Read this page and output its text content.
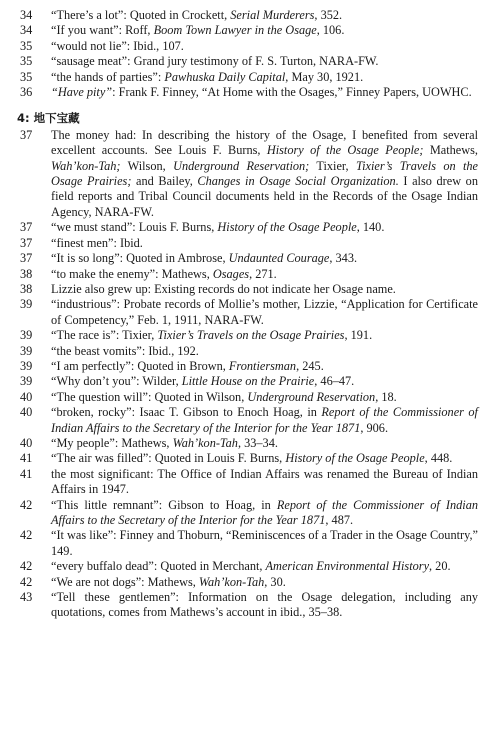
34	“There’s a lot”: Quoted in Crockett, Serial Murderers, 352.
34	“If you want”: Roff, Boom Town Lawyer in the Osage, 106.
35	“would not lie”: Ibid., 107.
35	“sausage meat”: Grand jury testimony of F. S. Turton, NARA-FW.
35	“the hands of parties”: Pawhuska Daily Capital, May 30, 1921.
36	“Have pity”: Frank F. Finney, “At Home with the Osages,” Finney Papers, UOWHC.
4: 地下宝藏
37	The money had: In describing the history of the Osage, I benefited from several excellent accounts. See Louis F. Burns, History of the Osage People; Mathews, Wah’kon-Tah; Wilson, Underground Reservation; Tixier, Tixier’s Travels on the Osage Prairies; and Bailey, Changes in Osage Social Organization. I also drew on field reports and Tribal Council documents held in the Records of the Osage Indian Agency, NARA-FW.
37	“we must stand”: Louis F. Burns, History of the Osage People, 140.
37	“finest men”: Ibid.
37	“It is so long”: Quoted in Ambrose, Undaunted Courage, 343.
38	“to make the enemy”: Mathews, Osages, 271.
38	Lizzie also grew up: Existing records do not indicate her Osage name.
39	“industrious”: Probate records of Mollie’s mother, Lizzie, “Application for Certificate of Competency,” Feb. 1, 1911, NARA-FW.
39	“The race is”: Tixier, Tixier’s Travels on the Osage Prairies, 191.
39	“the beast vomits”: Ibid., 192.
39	“I am perfectly”: Quoted in Brown, Frontiersman, 245.
39	“Why don’t you”: Wilder, Little House on the Prairie, 46–47.
40	“The question will”: Quoted in Wilson, Underground Reservation, 18.
40	“broken, rocky”: Isaac T. Gibson to Enoch Hoag, in Report of the Commissioner of Indian Affairs to the Secretary of the Interior for the Year 1871, 906.
40	“My people”: Mathews, Wah’kon-Tah, 33–34.
41	“The air was filled”: Quoted in Louis F. Burns, History of the Osage People, 448.
41	the most significant: The Office of Indian Affairs was renamed the Bureau of Indian Affairs in 1947.
42	“This little remnant”: Gibson to Hoag, in Report of the Commissioner of Indian Affairs to the Secretary of the Interior for the Year 1871, 487.
42	“It was like”: Finney and Thoburn, “Reminiscences of a Trader in the Osage Country,” 149.
42	“every buffalo dead”: Quoted in Merchant, American Environmental History, 20.
42	“We are not dogs”: Mathews, Wah’kon-Tah, 30.
43	“Tell these gentlemen”: Information on the Osage delegation, including any quotations, comes from Mathews’s account in ibid., 35–38.
